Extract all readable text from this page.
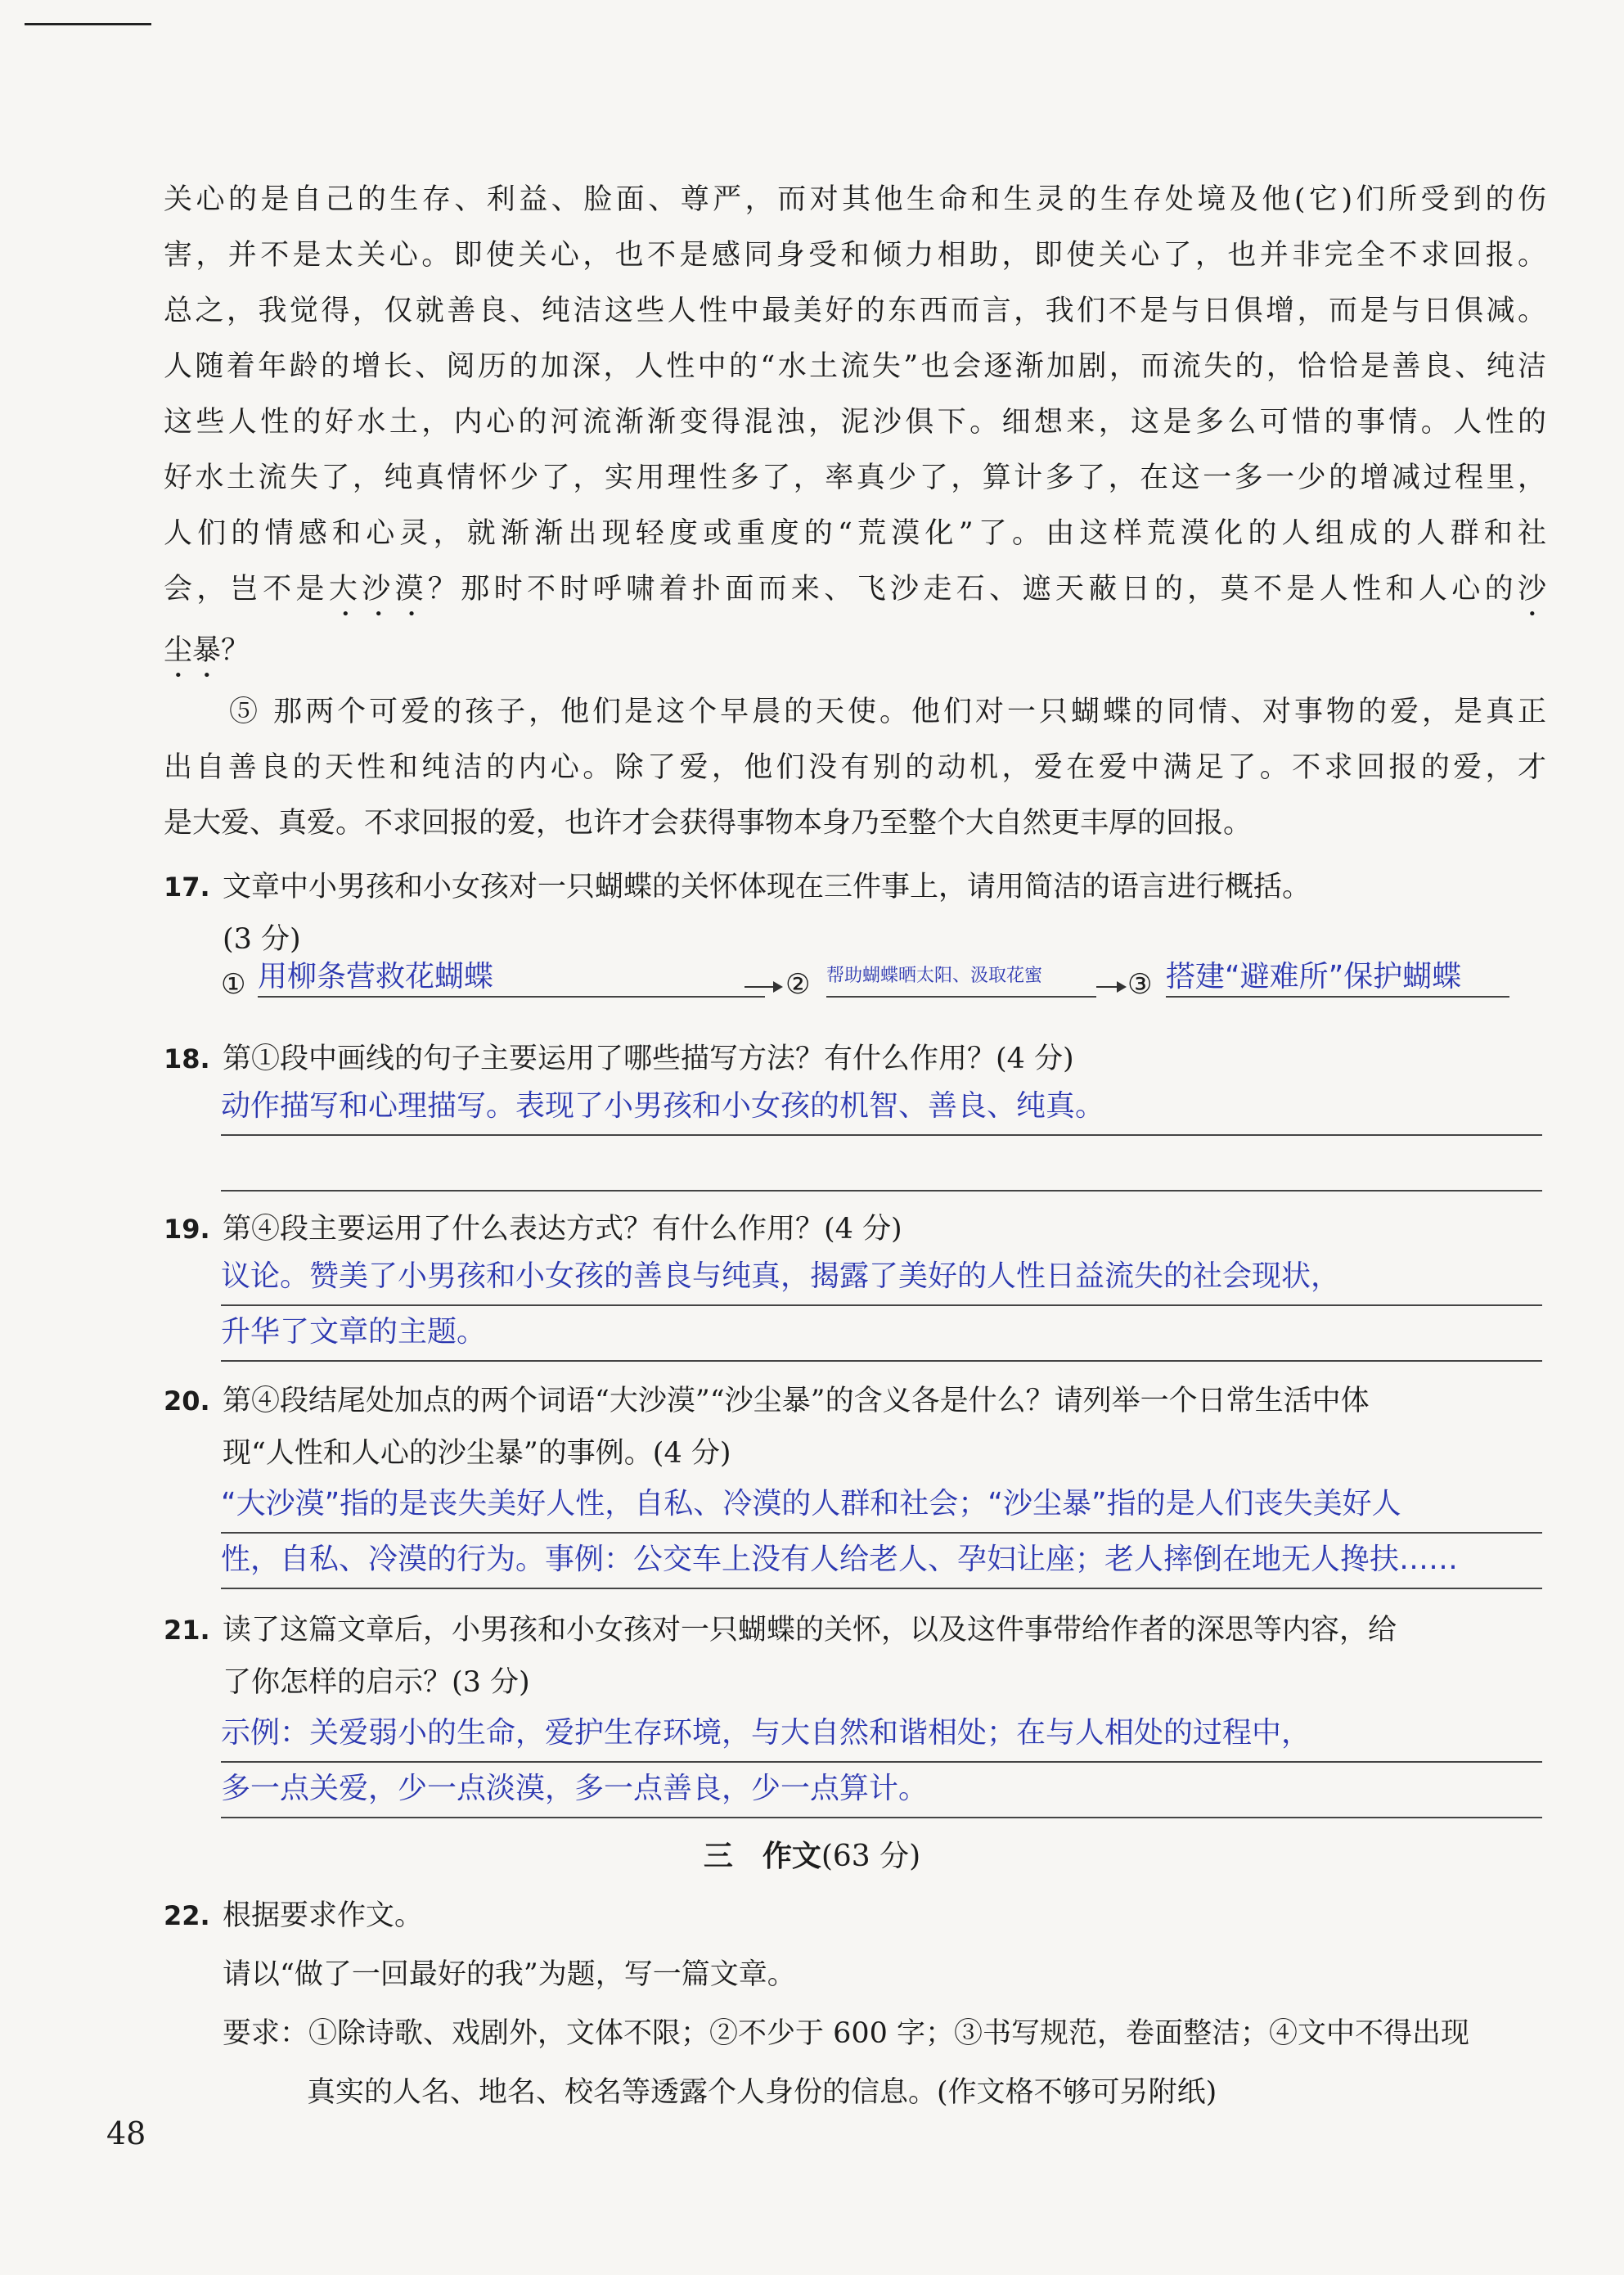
关心的是自己的生存、利益、脸面、尊严，而对其他生命和生灵的生存处境及他(它)们所受到的伤

害，并不是太关心。即使关心，也不是感同身受和倾力相助，即使关心了，也并非完全不求回报。

总之，我觉得，仅就善良、纯洁这些人性中最美好的东西而言，我们不是与日俱增，而是与日俱减。

人随着年龄的增长、阅历的加深，人性中的“水土流失”也会逐渐加剧，而流失的，恰恰是善良、纯洁

这些人性的好水土，内心的河流渐渐变得混浊，泥沙俱下。细想来，这是多么可惜的事情。人性的

好水土流失了，纯真情怀少了，实用理性多了，率真少了，算计多了，在这一多一少的增减过程里，

人们的情感和心灵，就渐渐出现轻度或重度的“荒漠化”了。由这样荒漠化的人组成的人群和社

会，岂不是大沙漠？那时不时呼啸着扑面而来、飞沙走石、遮天蔽日的，莫不是人性和人心的沙

尘暴？

⑤ 那两个可爱的孩子，他们是这个早晨的天使。他们对一只蝴蝶的同情、对事物的爱，是真正

出自善良的天性和纯洁的内心。除了爱，他们没有别的动机，爱在爱中满足了。不求回报的爱，才

是大爱、真爱。不求回报的爱，也许才会获得事物本身乃至整个大自然更丰厚的回报。

17. 文章中小男孩和小女孩对一只蝴蝶的关怀体现在三件事上，请用简洁的语言进行概括。
(3 分)
① 用柳条营救花蝴蝶	② 帮助蝴蝶晒太阳、汲取花蜜	③ 搭建“避难所”保护蝴蝶
18. 第①段中画线的句子主要运用了哪些描写方法？有什么作用？(4 分)
动作描写和心理描写。表现了小男孩和小女孩的机智、善良、纯真。
19. 第④段主要运用了什么表达方式？有什么作用？(4 分)
议论。赞美了小男孩和小女孩的善良与纯真，揭露了美好的人性日益流失的社会现状，
升华了文章的主题。
20. 第④段结尾处加点的两个词语“大沙漠”“沙尘暴”的含义各是什么？请列举一个日常生活中体
现“人性和人心的沙尘暴”的事例。(4 分)
“大沙漠”指的是丧失美好人性，自私、冷漠的人群和社会；“沙尘暴”指的是人们丧失美好人
性，自私、冷漠的行为。事例：公交车上没有人给老人、孕妇让座；老人摔倒在地无人搀扶……
21. 读了这篇文章后，小男孩和小女孩对一只蝴蝶的关怀，以及这件事带给作者的深思等内容，给
了你怎样的启示？(3 分)
示例：关爱弱小的生命，爱护生存环境，与大自然和谐相处；在与人相处的过程中，
多一点关爱，少一点淡漠，多一点善良，少一点算计。
三　作文(63 分)
22. 根据要求作文。
请以“做了一回最好的我”为题，写一篇文章。
要求：①除诗歌、戏剧外，文体不限；②不少于 600 字；③书写规范，卷面整洁；④文中不得出现
真实的人名、地名、校名等透露个人身份的信息。(作文格不够可另附纸)
48
